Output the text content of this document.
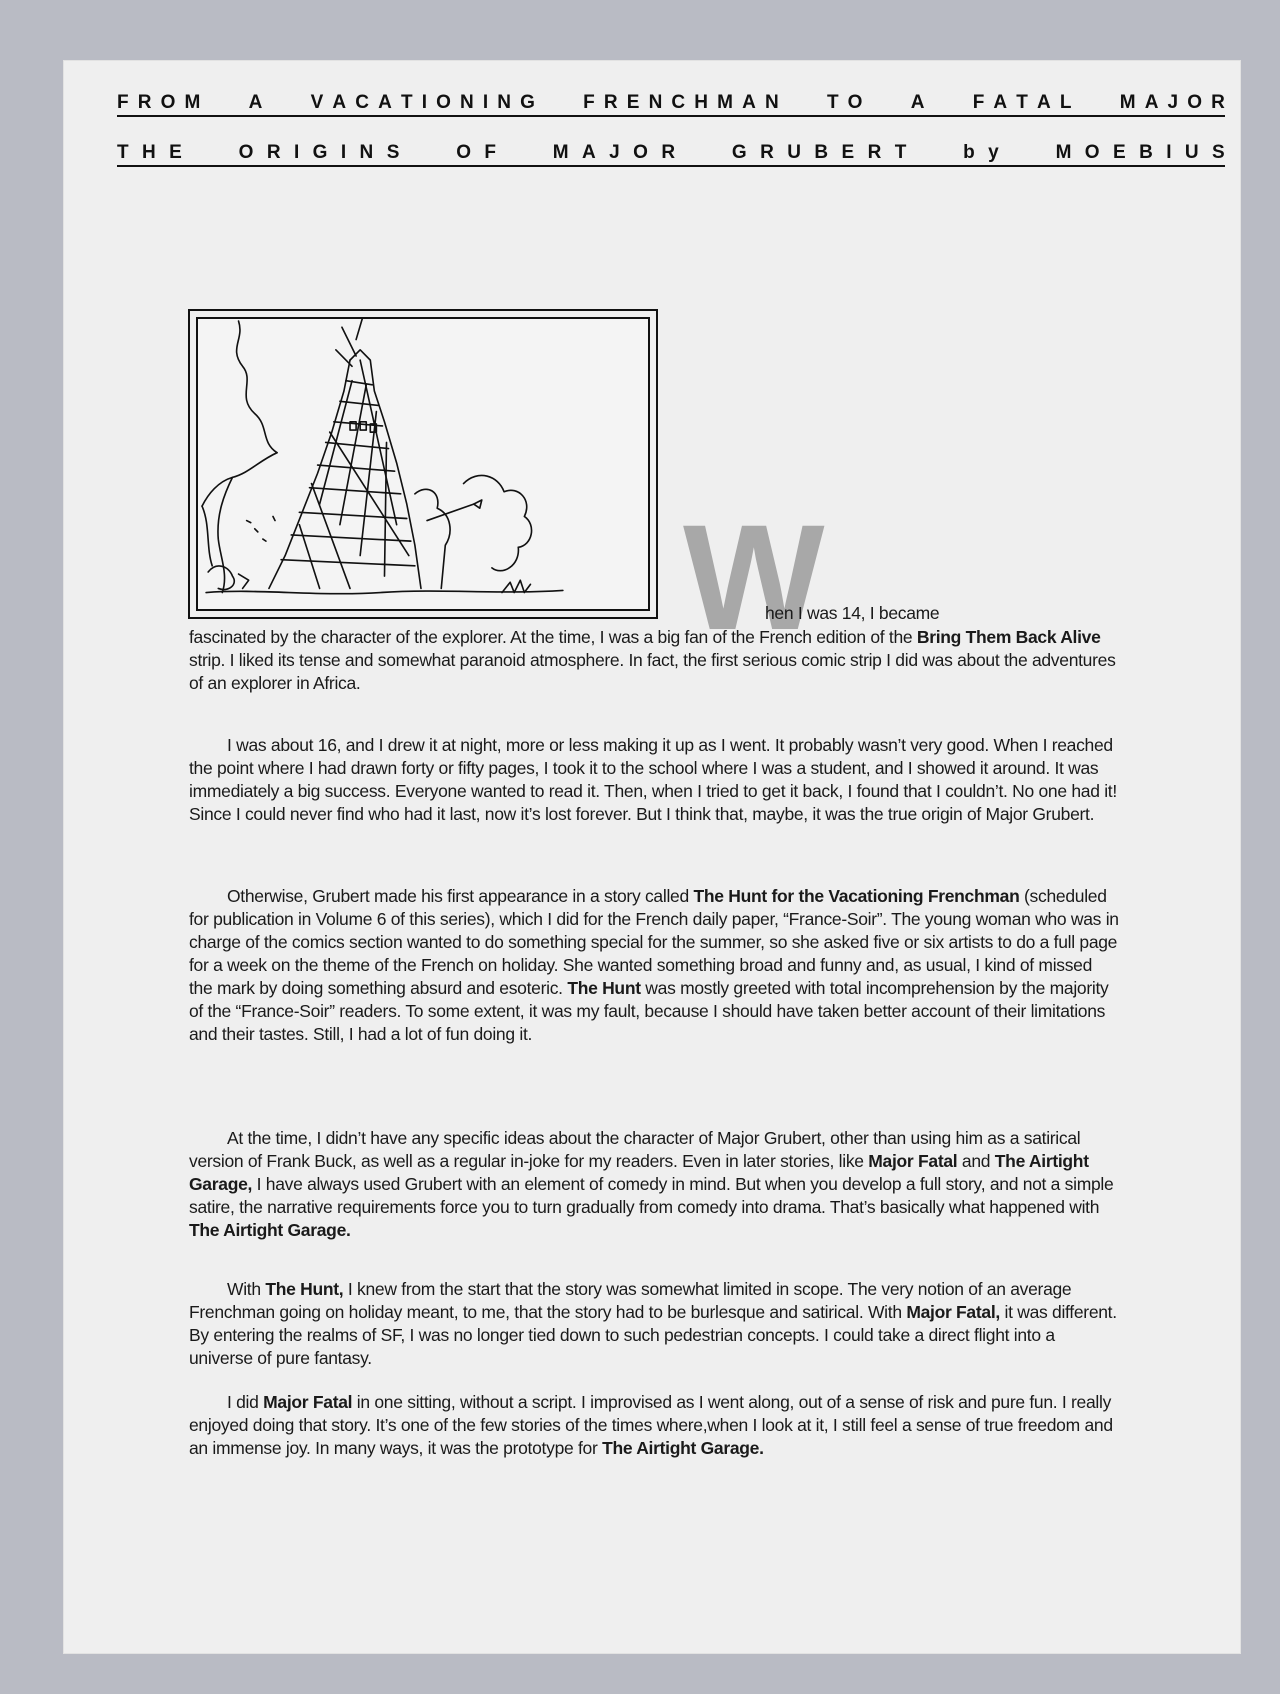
F R O M
	A
	V A C A T I O N I N G
	F R E N C H M A N
	T O
	A
	F A T A L
	M A J O R
T H E
	O R I G I N S
	O F
	M A J O R
	G R U B E R T
	b y
	M O E B I U S
W
hen I was 14, I became
fascinated by the character of the explorer. At the time, I was a big fan of the French edition of the Bring Them Back Alive strip. I liked its tense and somewhat paranoid atmosphere. In fact, the first serious comic strip I did was about the adventures of an explorer in Africa.
I was about 16, and I drew it at night, more or less making it up as I went. It probably wasn’t very good. When I reached the point where I had drawn forty or fifty pages, I took it to the school where I was a student, and I showed it around. It was immediately a big success. Everyone wanted to read it. Then, when I tried to get it back, I found that I couldn’t. No one had it! Since I could never find who had it last, now it’s lost forever. But I think that, maybe, it was the true origin of Major Grubert.
Otherwise, Grubert made his first appearance in a story called The Hunt for the Vacationing Frenchman (scheduled for publication in Volume 6 of this series), which I did for the French daily paper, “France-Soir”. The young woman who was in charge of the comics section wanted to do something special for the summer, so she asked five or six artists to do a full page for a week on the theme of the French on holiday. She wanted something broad and funny and, as usual, I kind of missed the mark by doing something absurd and esoteric. The Hunt was mostly greeted with total incomprehension by the majority of the “France-Soir” readers. To some extent, it was my fault, because I should have taken better account of their limitations and their tastes. Still, I had a lot of fun doing it.
At the time, I didn’t have any specific ideas about the character of Major Grubert, other than using him as a satirical version of Frank Buck, as well as a regular in-joke for my readers. Even in later stories, like Major Fatal and The Airtight Garage, I have always used Grubert with an element of comedy in mind. But when you develop a full story, and not a simple satire, the narrative requirements force you to turn gradually from comedy into drama. That’s basically what happened with The Airtight Garage.
With The Hunt, I knew from the start that the story was somewhat limited in scope. The very notion of an average Frenchman going on holiday meant, to me, that the story had to be burlesque and satirical. With Major Fatal, it was different. By entering the realms of SF, I was no longer tied down to such pedestrian concepts. I could take a direct flight into a universe of pure fantasy.
I did Major Fatal in one sitting, without a script. I improvised as I went along, out of a sense of risk and pure fun. I really enjoyed doing that story. It’s one of the few stories of the times where,when I look at it, I still feel a sense of true freedom and an immense joy. In many ways, it was the prototype for The Airtight Garage.
